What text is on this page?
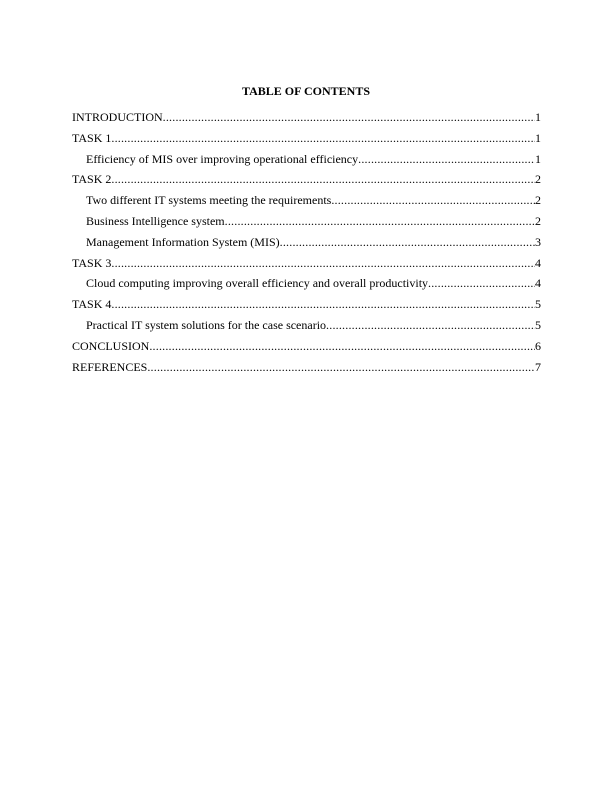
TABLE OF CONTENTS
INTRODUCTION .....	1
TASK 1 .....	1
Efficiency of MIS over improving operational efficiency .....	1
TASK 2 .....	2
Two different IT systems meeting the requirements .....	2
Business Intelligence system .....	2
Management Information System (MIS) .....	3
TASK 3 .....	4
Cloud computing improving overall efficiency and overall productivity .....	4
TASK 4 .....	5
Practical IT system solutions for the case scenario .....	5
CONCLUSION .....	6
REFERENCES .....	7
